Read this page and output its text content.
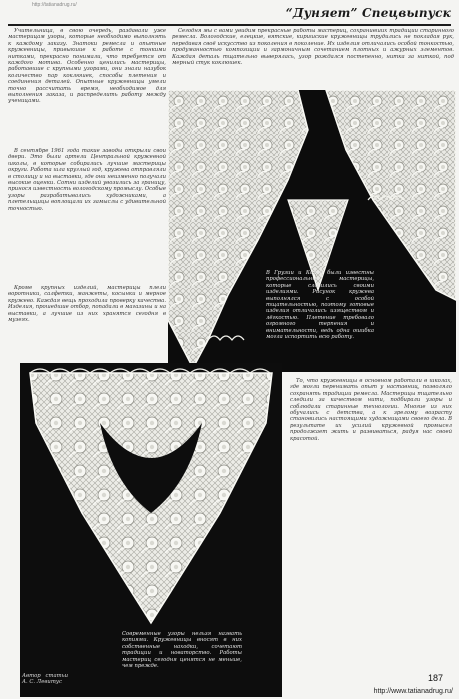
http://tatianadrug.ru/
“Дуняет” Спецвыпуск

Учительница, в свою очередь, раздавали уже мастерицам узоры, которые необходимо выполнять к каждому заказу. Знатоки ремесла и опытные кружевницы, привыкшие к работе с тонкими нитками, прекрасно понимали, что требуется от каждого мотива. Особенно ценились мастерицы, работавшие с крупными узорами, они знали назубок количество пар коклюшек, способы плетения и соединения деталей. Опытные кружевницы умели точно рассчитать время, необходимое для выполнения заказа, и распределить работу между ученицами.

В сентябре 1961 года такие заводы открыли свои двери. Это были артели Центральной кружевной школы, в которые собирались лучшие мастерицы округи. Работа шла круглый год, кружева отправляли в столицу и на выставки, где они неизменно получали высокие оценки. Сотни изделий увозились за границу, принося известность вологодскому промыслу. Особые узоры разрабатывались художниками, а плетельщицы воплощали их замыслы с удивительной точностью.

Кроме крупных изделий, мастерицы плели воротники, салфетки, манжеты, косынки и мерное кружево. Каждая вещь проходила проверку качества. Изделия, прошедшие отбор, попадали в магазины и на выставки, а лучшие из них хранятся сегодня в музеях.

Сегодня мы с вами увидим прекрасные работы мастериц, сохранивших традиции старинного ремесла. Вологодские, елецкие, вятские, киришские кружевницы трудились не покладая рук, передавая своё искусство из поколения в поколение. Их изделия отличались особой тонкостью, продуманностью композиции и гармоничным сочетанием плотных и ажурных элементов. Каждая деталь тщательно выверялась, узор рождался постепенно, нитка за ниткой, под мерный стук коклюшек.

В Грузии и Корее были известны профессиональные мастерицы, которые славились своими изделиями. Рисунок кружева выполнялся с особой тщательностью, поэтому готовые изделия отличались изяществом и лёгкостью. Плетение требовало огромного терпения и внимательности, ведь одна ошибка могла испортить всю работу.
Современные узоры нельзя назвать копиями. Кружевницы вносят в них собственные находки, сочетают традиции и новаторство. Работы мастериц сегодня ценятся не меньше, чем прежде.
Автор статьи А. С. Левитус

То, что кружевницы в основном работали в школах, где могли перенимать опыт у наставниц, позволяло сохранять традиции ремесла. Мастерицы тщательно следили за качеством нити, подбирали узоры и соблюдали старинные технологии. Многие из них обучались с детства, а к зрелому возрасту становились настоящими художницами своего дела. В результате их усилий кружевной промысел продолжает жить и развиваться, радуя нас своей красотой.

187
http://www.tatianadrug.ru/
